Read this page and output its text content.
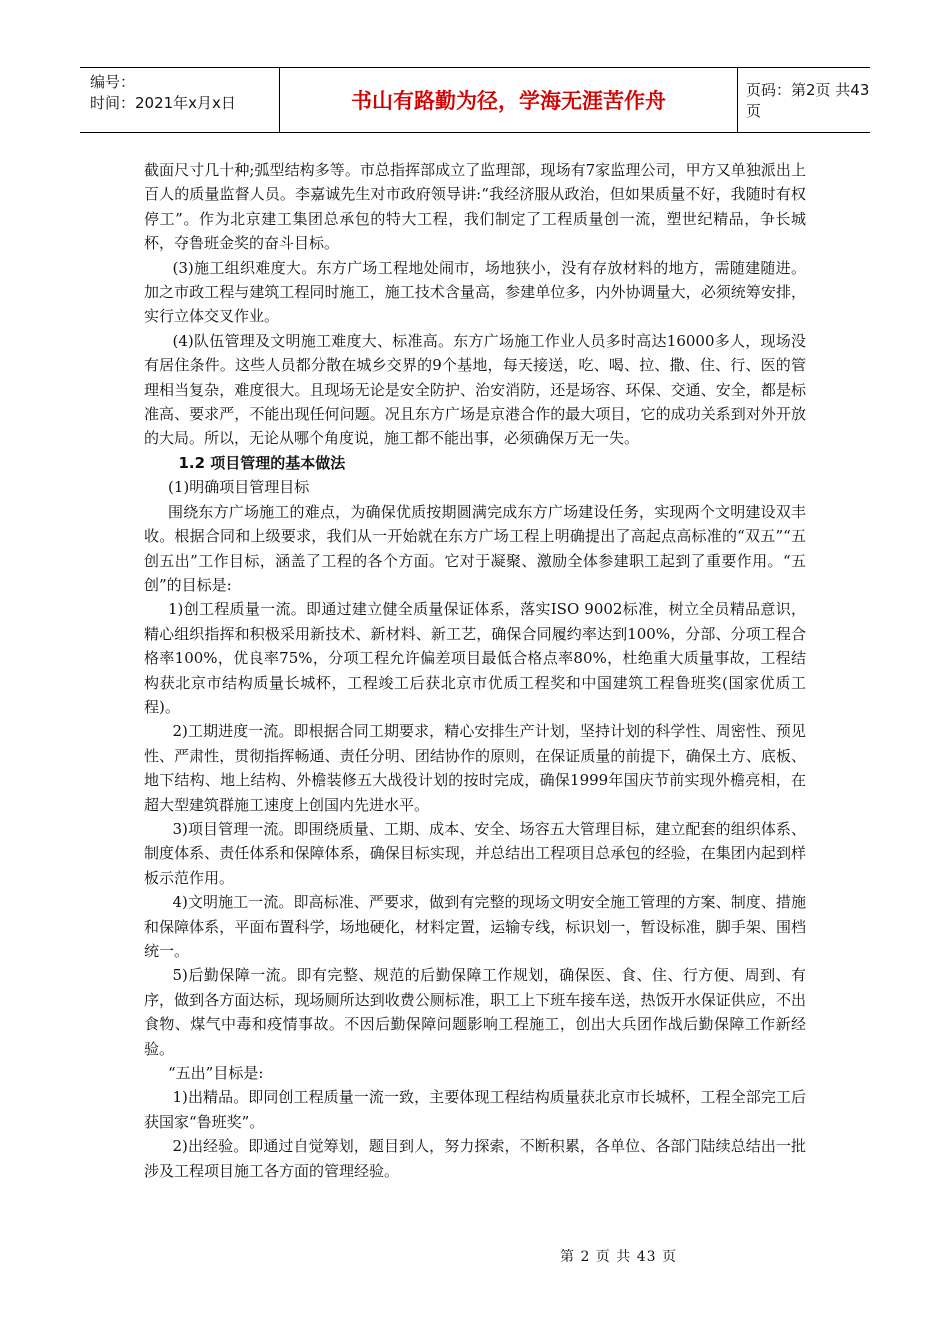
编号：
时间：2021年x月x日	书山有路勤为径，学海无涯苦作舟	页码：第2页 共43页

截面尺寸几十种;弧型结构多等。市总指挥部成立了监理部，现场有7家监理公司，甲方又单独派出上百人的质量监督人员。李嘉诚先生对市政府领导讲:“我经济服从政治，但如果质量不好，我随时有权停工”。作为北京建工集团总承包的特大工程，我们制定了工程质量创一流，塑世纪精品，争长城杯，夺鲁班金奖的奋斗目标。

(3)施工组织难度大。东方广场工程地处闹市，场地狭小，没有存放材料的地方，需随建随进。加之市政工程与建筑工程同时施工，施工技术含量高，参建单位多，内外协调量大，必须统筹安排，实行立体交叉作业。

(4)队伍管理及文明施工难度大、标准高。东方广场施工作业人员多时高达16000多人，现场没有居住条件。这些人员都分散在城乡交界的9个基地，每天接送，吃、喝、拉、撒、住、行、医的管理相当复杂，难度很大。且现场无论是安全防护、治安消防，还是场容、环保、交通、安全，都是标准高、要求严，不能出现任何问题。况且东方广场是京港合作的最大项目，它的成功关系到对外开放的大局。所以，无论从哪个角度说，施工都不能出事，必须确保万无一失。

1.2 项目管理的基本做法

(1)明确项目管理目标

围绕东方广场施工的难点，为确保优质按期圆满完成东方广场建设任务，实现两个文明建设双丰收。根据合同和上级要求，我们从一开始就在东方广场工程上明确提出了高起点高标准的“双五”“五创五出”工作目标，涵盖了工程的各个方面。它对于凝聚、激励全体参建职工起到了重要作用。“五创”的目标是:

1)创工程质量一流。即通过建立健全质量保证体系，落实ISO 9002标准，树立全员精品意识，精心组织指挥和积极采用新技术、新材料、新工艺，确保合同履约率达到100%，分部、分项工程合格率100%，优良率75%，分项工程允许偏差项目最低合格点率80%，杜绝重大质量事故，工程结构获北京市结构质量长城杯，工程竣工后获北京市优质工程奖和中国建筑工程鲁班奖(国家优质工程)。

2)工期进度一流。即根据合同工期要求，精心安排生产计划，坚持计划的科学性、周密性、预见性、严肃性，贯彻指挥畅通、责任分明、团结协作的原则，在保证质量的前提下，确保土方、底板、地下结构、地上结构、外檐装修五大战役计划的按时完成，确保1999年国庆节前实现外檐亮相，在超大型建筑群施工速度上创国内先进水平。

3)项目管理一流。即围绕质量、工期、成本、安全、场容五大管理目标，建立配套的组织体系、制度体系、责任体系和保障体系，确保目标实现，并总结出工程项目总承包的经验，在集团内起到样板示范作用。

4)文明施工一流。即高标准、严要求，做到有完整的现场文明安全施工管理的方案、制度、措施和保障体系，平面布置科学，场地硬化，材料定置，运输专线，标识划一，暂设标准，脚手架、围档统一。

5)后勤保障一流。即有完整、规范的后勤保障工作规划，确保医、食、住、行方便、周到、有序，做到各方面达标，现场厕所达到收费公厕标准，职工上下班车接车送，热饭开水保证供应，不出食物、煤气中毒和疫情事故。不因后勤保障问题影响工程施工，创出大兵团作战后勤保障工作新经验。

“五出”目标是:

1)出精品。即同创工程质量一流一致，主要体现工程结构质量获北京市长城杯，工程全部完工后获国家“鲁班奖”。

2)出经验。即通过自觉筹划，题目到人，努力探索，不断积累，各单位、各部门陆续总结出一批涉及工程项目施工各方面的管理经验。

第 2 页 共 43 页
